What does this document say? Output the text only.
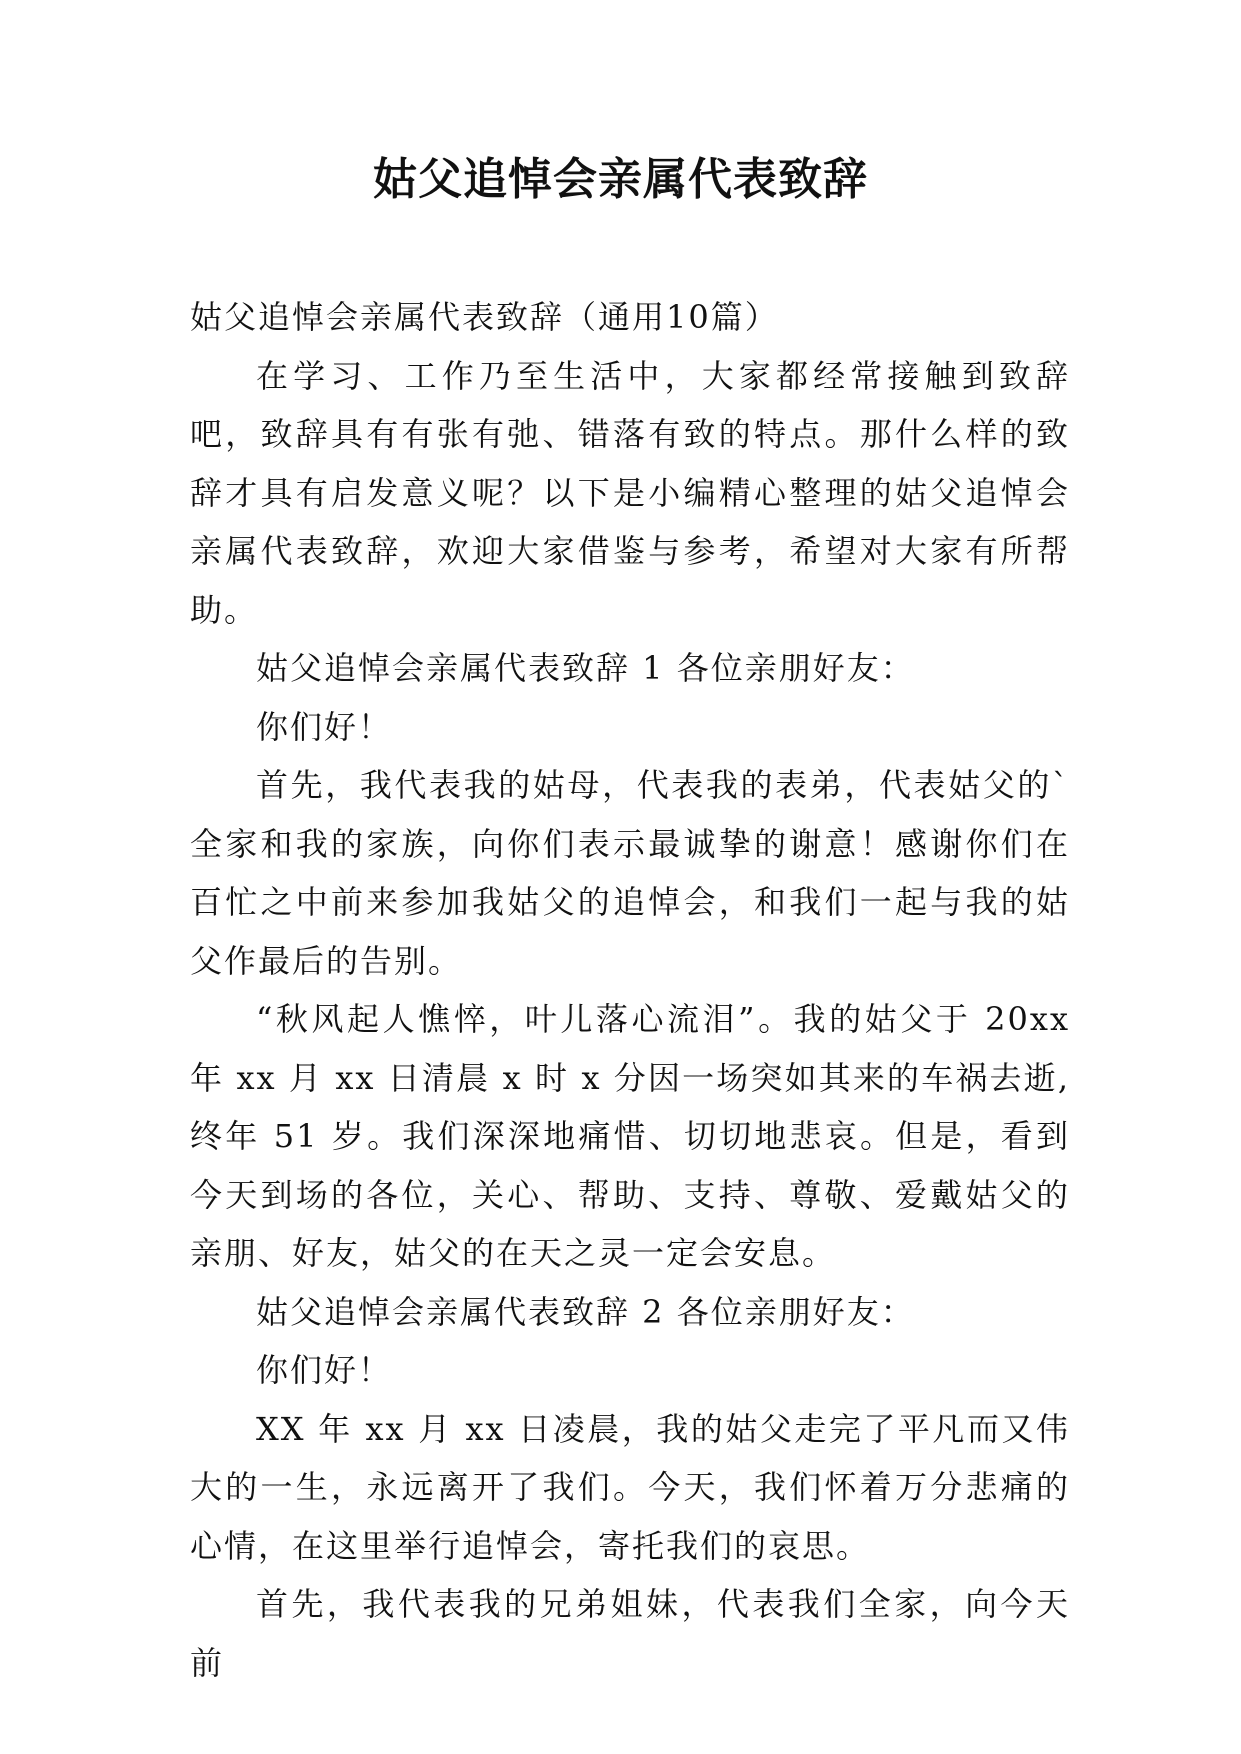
姑父追悼会亲属代表致辞

姑父追悼会亲属代表致辞（通用10篇）

在学习、工作乃至生活中，大家都经常接触到致辞吧，致辞具有有张有弛、错落有致的特点。那什么样的致辞才具有启发意义呢？以下是小编精心整理的姑父追悼会亲属代表致辞，欢迎大家借鉴与参考，希望对大家有所帮助。

姑父追悼会亲属代表致辞 1 各位亲朋好友：

你们好！

首先，我代表我的姑母，代表我的表弟，代表姑父的`全家和我的家族，向你们表示最诚挚的谢意！感谢你们在百忙之中前来参加我姑父的追悼会，和我们一起与我的姑父作最后的告别。

“秋风起人憔悴，叶儿落心流泪”。我的姑父于 20xx 年 xx 月 xx 日清晨 x 时 x 分因一场突如其来的车祸去逝,终年 51 岁。我们深深地痛惜、切切地悲哀。但是，看到今天到场的各位，关心、帮助、支持、尊敬、爱戴姑父的亲朋、好友，姑父的在天之灵一定会安息。

姑父追悼会亲属代表致辞 2 各位亲朋好友：

你们好！

XX 年 xx 月 xx 日凌晨，我的姑父走完了平凡而又伟大的一生，永远离开了我们。今天，我们怀着万分悲痛的心情，在这里举行追悼会，寄托我们的哀思。

首先，我代表我的兄弟姐妹，代表我们全家，向今天前
